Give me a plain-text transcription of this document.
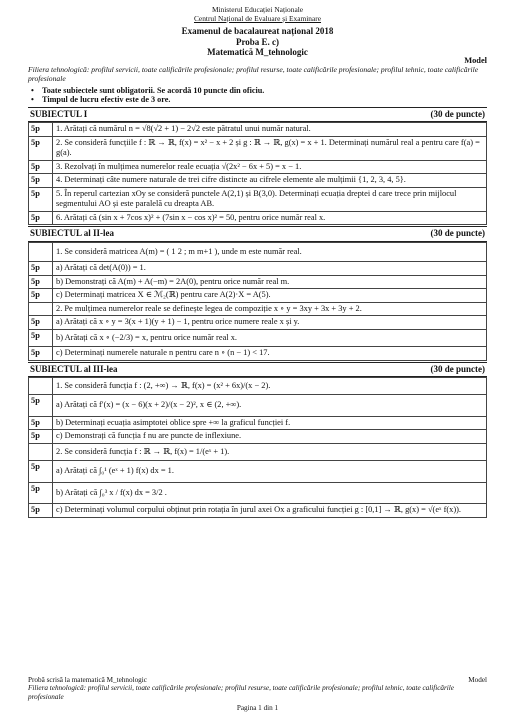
Ministerul Educației Naționale
Centrul Național de Evaluare și Examinare
Examenul de bacalaureat național 2018
Proba E. c)
Matematică M_tehnologic
Model
Filiera tehnologică: profilul servicii, toate calificările profesionale; profilul resurse, toate calificările profesionale; profilul tehnic, toate calificările profesionale
• Toate subiectele sunt obligatorii. Se acordă 10 puncte din oficiu.
• Timpul de lucru efectiv este de 3 ore.
SUBIECTUL I	(30 de puncte)
5p	1. Arătați că numărul n = √8(√2 + 1) − 2√2 este pătratul unui număr natural.
5p	2. Se consideră funcțiile f : ℝ → ℝ, f(x) = x² − x + 2 și g : ℝ → ℝ, g(x) = x + 1. Determinați numărul real a pentru care f(a) = g(a).
5p	3. Rezolvați în mulțimea numerelor reale ecuația √(2x² − 6x + 5) = x − 1.
5p	4. Determinați câte numere naturale de trei cifre distincte au cifrele elemente ale mulțimii {1, 2, 3, 4, 5}.
5p	5. În reperul cartezian xOy se consideră punctele A(2,1) și B(3,0). Determinați ecuația dreptei d care trece prin mijlocul segmentului AO și este paralelă cu dreapta AB.
5p	6. Arătați că (sin x + 7cos x)² + (7sin x − cos x)² = 50, pentru orice număr real x.
SUBIECTUL al II-lea	(30 de puncte)
	1. Se consideră matricea A(m) = ( 1 2 ; m m+1 ), unde m este număr real.
5p	a) Arătați că det(A(0)) = 1.
5p	b) Demonstrați că A(m) + A(−m) = 2A(0), pentru orice număr real m.
5p	c) Determinați matricea X ∈ ℳ₂(ℝ) pentru care A(2)·X = A(5).
	2. Pe mulțimea numerelor reale se definește legea de compoziție x ∘ y = 3xy + 3x + 3y + 2.
5p	a) Arătați că x ∘ y = 3(x + 1)(y + 1) − 1, pentru orice numere reale x și y.
5p	b) Arătați că x ∘ (−2/3) = x, pentru orice număr real x.
5p	c) Determinați numerele naturale n pentru care n ∘ (n − 1) < 17.
SUBIECTUL al III-lea	(30 de puncte)
	1. Se consideră funcția f : (2, +∞) → ℝ, f(x) = (x² + 6x)/(x − 2).
5p	a) Arătați că f′(x) = (x − 6)(x + 2)/(x − 2)², x ∈ (2, +∞).
5p	b) Determinați ecuația asimptotei oblice spre +∞ la graficul funcției f.
5p	c) Demonstrați că funcția f nu are puncte de inflexiune.
	2. Se consideră funcția f : ℝ → ℝ, f(x) = 1/(eˣ + 1).
5p	a) Arătați că ∫₀¹ (eˣ + 1) f(x) dx = 1.
5p	b) Arătați că ∫₀³ x / f(x) dx = 3/2 .
5p	c) Determinați volumul corpului obținut prin rotația în jurul axei Ox a graficului funcției g : [0,1] → ℝ, g(x) = √(eˣ f(x)).
Probă scrisă la matematică M_tehnologic	Model
Filiera tehnologică: profilul servicii, toate calificările profesionale; profilul resurse, toate calificările profesionale; profilul tehnic, toate calificările profesionale
Pagina 1 din 1
